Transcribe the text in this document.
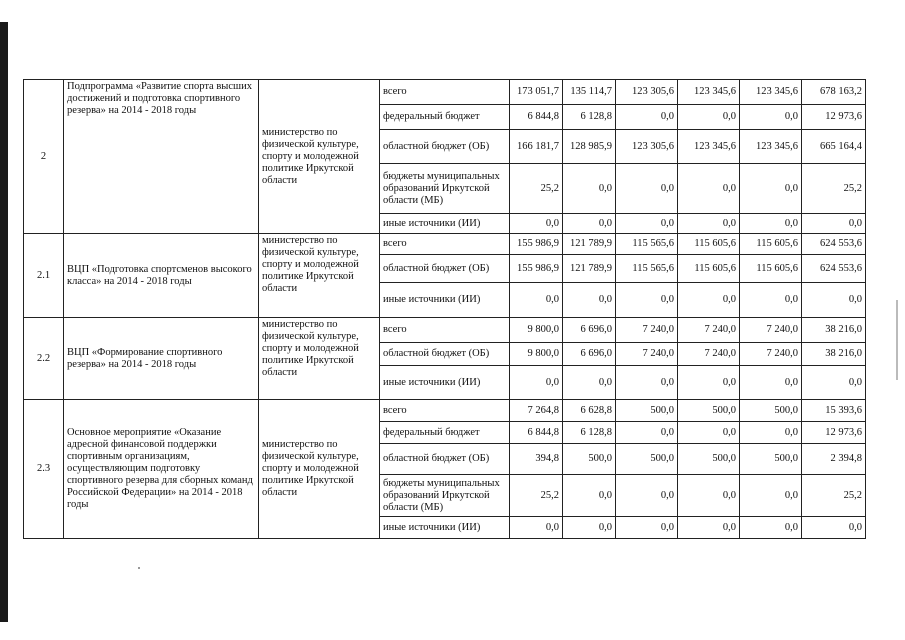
2	Подпрограмма «Развитие спорта высших достижений и подготовка спортивного резерва» на 2014 - 2018 годы	министерство по физической культуре, спорту и молодежной политике Иркутской области	всего	173 051,7	135 114,7	123 305,6	123 345,6	123 345,6	678 163,2
			федеральный бюджет	6 844,8	6 128,8	0,0	0,0	0,0	12 973,6
			областной бюджет (ОБ)	166 181,7	128 985,9	123 305,6	123 345,6	123 345,6	665 164,4
			бюджеты муниципальных образований Иркутской области (МБ)	25,2	0,0	0,0	0,0	0,0	25,2
			иные источники (ИИ)	0,0	0,0	0,0	0,0	0,0	0,0
2.1	ВЦП «Подготовка спортсменов высокого класса» на 2014 - 2018 годы	министерство по физической культуре, спорту и молодежной политике Иркутской области	всего	155 986,9	121 789,9	115 565,6	115 605,6	115 605,6	624 553,6
			областной бюджет (ОБ)	155 986,9	121 789,9	115 565,6	115 605,6	115 605,6	624 553,6
			иные источники (ИИ)	0,0	0,0	0,0	0,0	0,0	0,0
2.2	ВЦП «Формирование спортивного резерва» на 2014 - 2018 годы	министерство по физической культуре, спорту и молодежной политике Иркутской области	всего	9 800,0	6 696,0	7 240,0	7 240,0	7 240,0	38 216,0
			областной бюджет (ОБ)	9 800,0	6 696,0	7 240,0	7 240,0	7 240,0	38 216,0
			иные источники (ИИ)	0,0	0,0	0,0	0,0	0,0	0,0
2.3	Основное мероприятие «Оказание адресной финансовой поддержки спортивным организациям, осуществляющим подготовку спортивного резерва для сборных команд Российской Федерации» на 2014 - 2018 годы	министерство по физической культуре, спорту и молодежной политике Иркутской области	всего	7 264,8	6 628,8	500,0	500,0	500,0	15 393,6
			федеральный бюджет	6 844,8	6 128,8	0,0	0,0	0,0	12 973,6
			областной бюджет (ОБ)	394,8	500,0	500,0	500,0	500,0	2 394,8
			бюджеты муниципальных образований Иркутской области (МБ)	25,2	0,0	0,0	0,0	0,0	25,2
			иные источники (ИИ)	0,0	0,0	0,0	0,0	0,0	0,0
